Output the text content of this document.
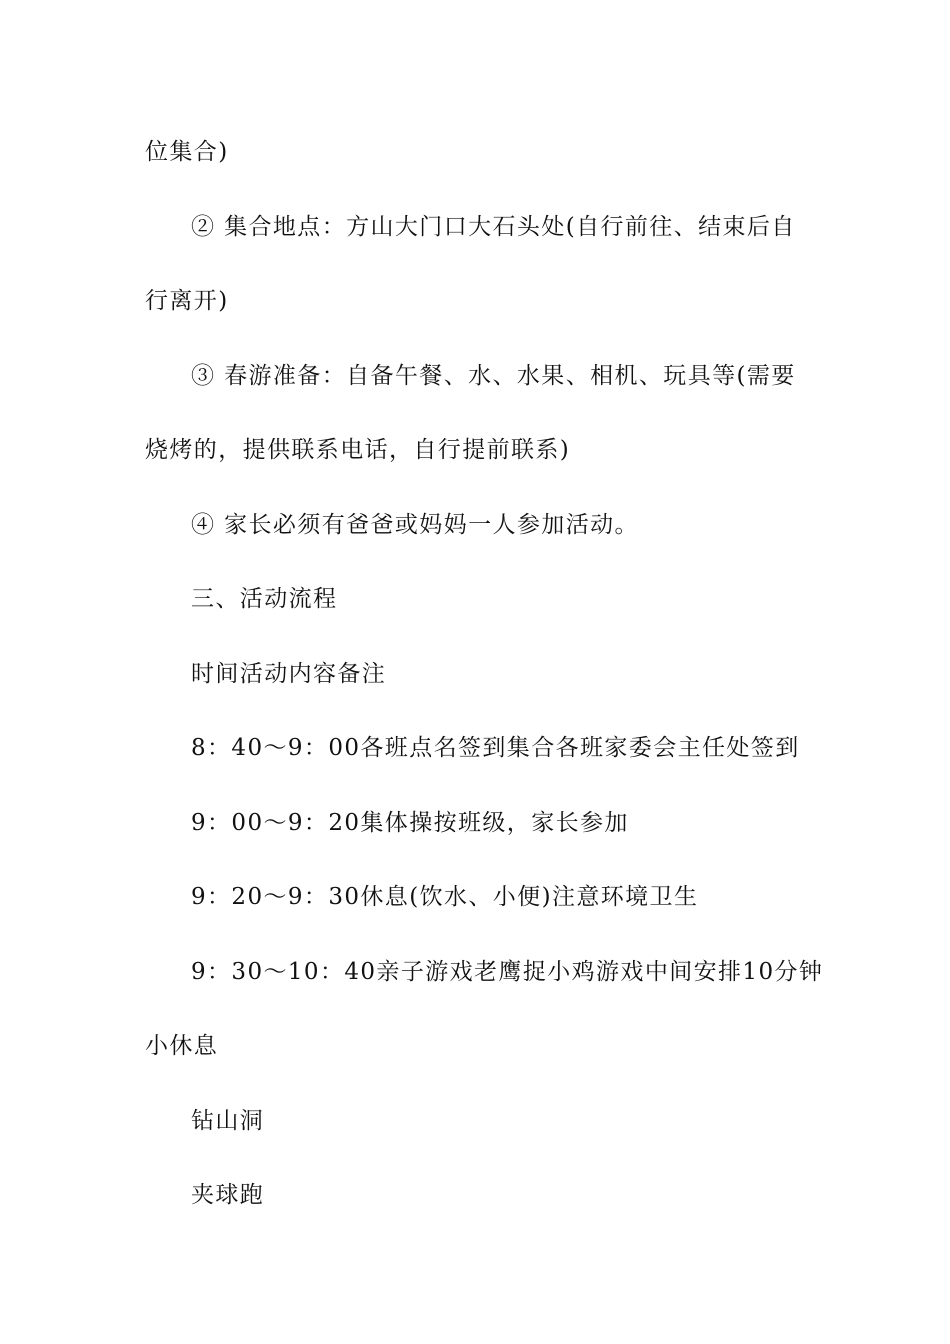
位集合)
② 集合地点：方山大门口大石头处(自行前往、结束后自
行离开)
③ 春游准备：自备午餐、水、水果、相机、玩具等(需要
烧烤的，提供联系电话，自行提前联系)
④ 家长必须有爸爸或妈妈一人参加活动。
三、活动流程
时间活动内容备注
8：40～9：00各班点名签到集合各班家委会主任处签到
9：00～9：20集体操按班级，家长参加
9：20～9：30休息(饮水、小便)注意环境卫生
9：30～10：40亲子游戏老鹰捉小鸡游戏中间安排10分钟
小休息
钻山洞
夹球跑
